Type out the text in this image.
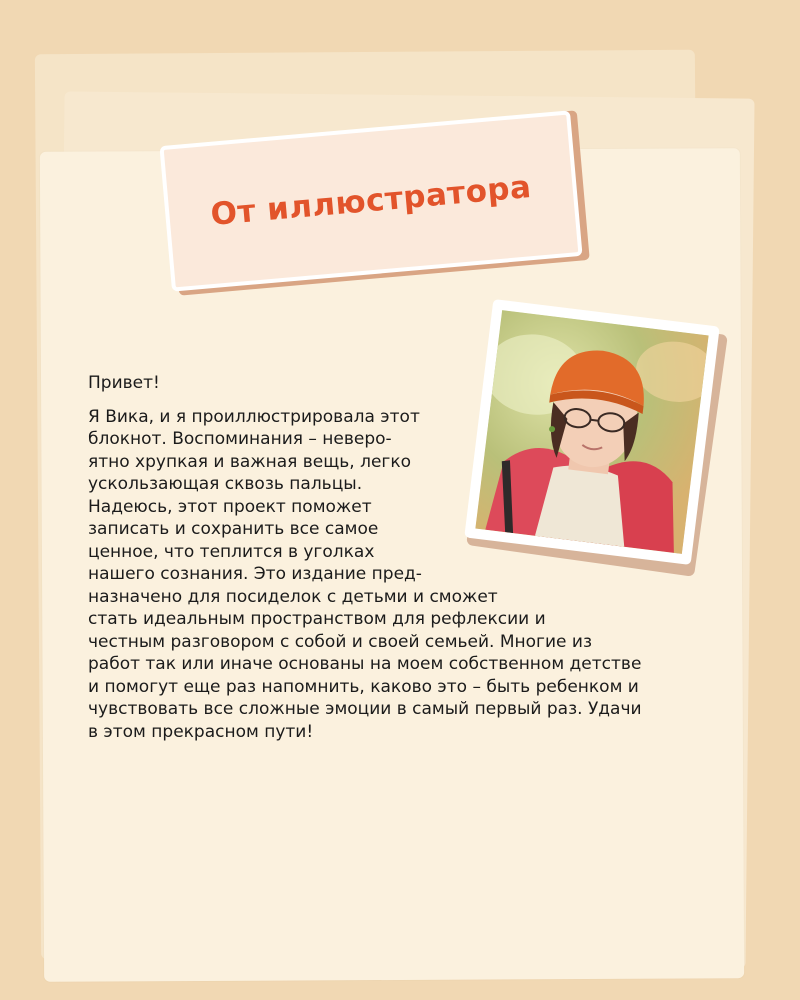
От иллюстратора

Привет!

Я Вика, и я проиллюстрировала этот
блокнот. Воспоминания – неверо-
ятно хрупкая и важная вещь, легко
ускользающая сквозь пальцы.
Надеюсь, этот проект поможет
записать и сохранить все самое
ценное, что теплится в уголках
нашего сознания. Это издание пред-
назначено для посиделок с детьми и сможет
стать идеальным пространством для рефлексии и
честным разговором с собой и своей семьей. Многие из
работ так или иначе основаны на моем собственном детстве
и помогут еще раз напомнить, каково это – быть ребенком и
чувствовать все сложные эмоции в самый первый раз. Удачи
в этом прекрасном пути!
